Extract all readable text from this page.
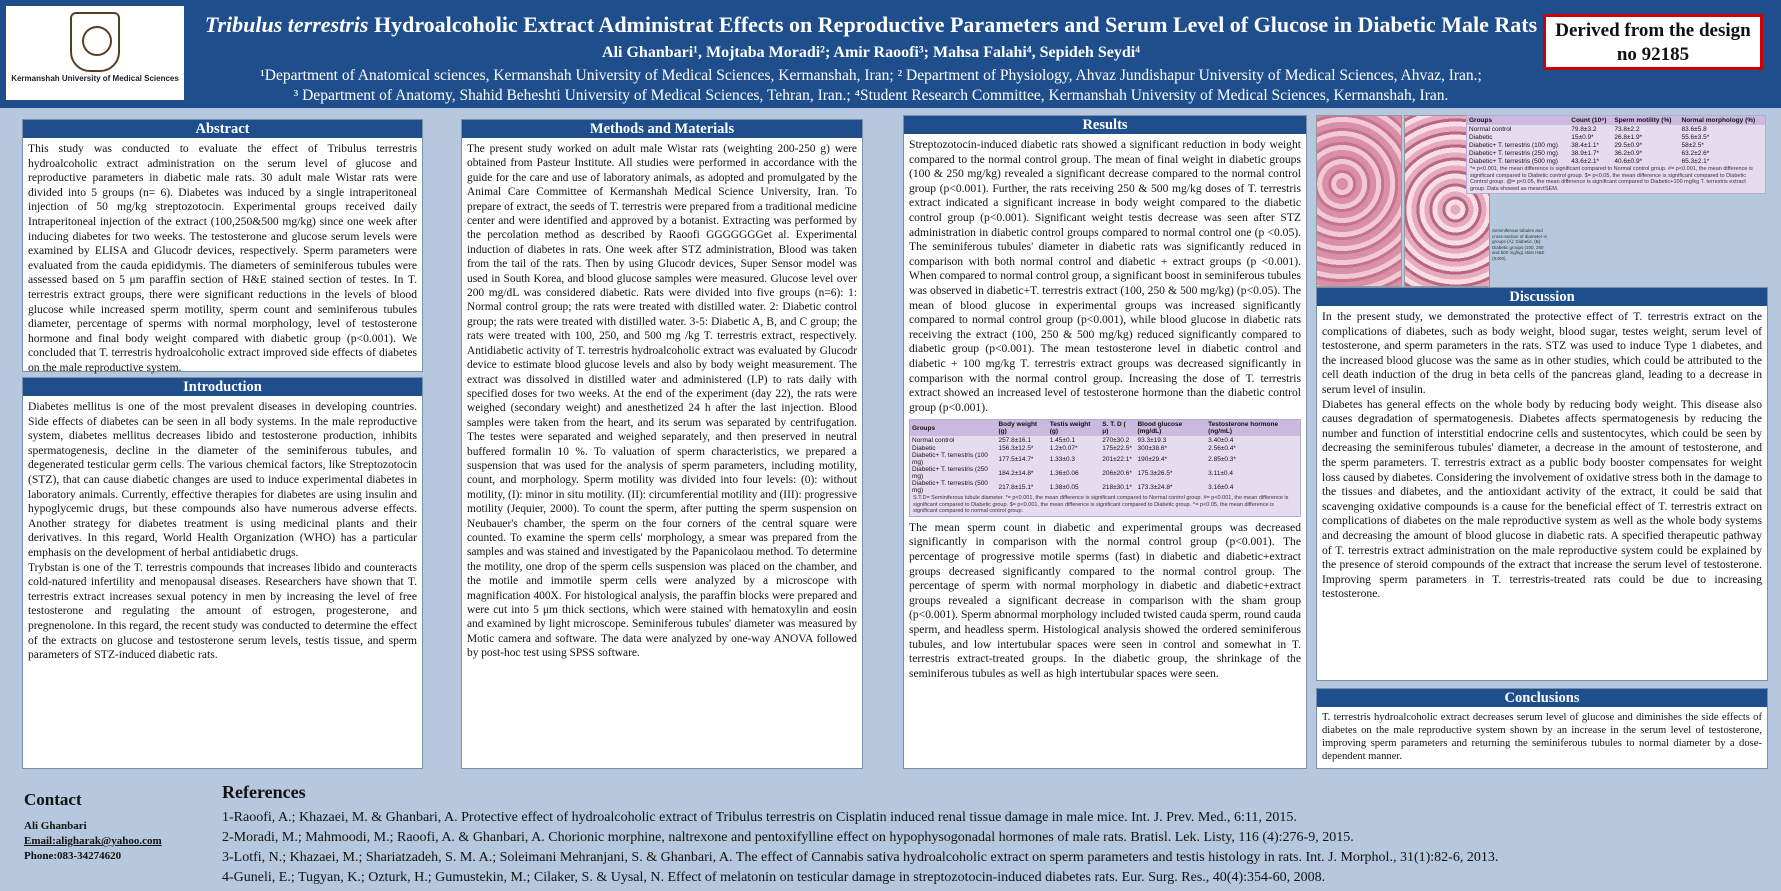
Kermanshah University of Medical Sciences
Tribulus terrestris Hydroalcoholic Extract Administrat Effects on Reproductive Parameters and Serum Level of Glucose in Diabetic Male Rats
Ali Ghanbari¹, Mojtaba Moradi²; Amir Raoofi³; Mahsa Falahi⁴, Sepideh Seydi⁴
¹Department of Anatomical sciences, Kermanshah University of Medical Sciences, Kermanshah, Iran; ² Department of Physiology, Ahvaz Jundishapur University of Medical Sciences, Ahvaz, Iran.;
³ Department of Anatomy, Shahid Beheshti University of Medical Sciences, Tehran, Iran.; ⁴Student Research Committee, Kermanshah University of Medical Sciences, Kermanshah, Iran.
Derived from the design no 92185
Abstract
This study was conducted to evaluate the effect of Tribulus terrestris hydroalcoholic extract administration on the serum level of glucose and reproductive parameters in diabetic male rats. 30 adult male Wistar rats were divided into 5 groups (n= 6). Diabetes was induced by a single intraperitoneal injection of 50 mg/kg streptozotocin. Experimental groups received daily Intraperitoneal injection of the extract (100,250&500 mg/kg) since one week after inducing diabetes for two weeks. The testosterone and glucose serum levels were examined by ELISA and Glucodr devices, respectively. Sperm parameters were evaluated from the cauda epididymis. The diameters of seminiferous tubules were assessed based on 5 μm paraffin section of H&E stained section of testes. In T. terrestris extract groups, there were significant reductions in the levels of blood glucose while increased sperm motility, sperm count and seminiferous tubules diameter, percentage of sperms with normal morphology, level of testosterone hormone and final body weight compared with diabetic group (p<0.001). We concluded that T. terrestris hydroalcoholic extract improved side effects of diabetes on the male reproductive system.
Introduction
Diabetes mellitus is one of the most prevalent diseases in developing countries. Side effects of diabetes can be seen in all body systems. In the male reproductive system, diabetes mellitus decreases libido and testosterone production, inhibits spermatogenesis, decline in the diameter of the seminiferous tubules, and degenerated testicular germ cells. The various chemical factors, like Streptozotocin (STZ), that can cause diabetic changes are used to induce experimental diabetes in laboratory animals. Currently, effective therapies for diabetes are using insulin and hypoglycemic drugs, but these compounds also have numerous adverse effects. Another strategy for diabetes treatment is using medicinal plants and their derivatives. In this regard, World Health Organization (WHO) has a particular emphasis on the development of herbal antidiabetic drugs.
Trybstan is one of the T. terrestris compounds that increases libido and counteracts cold-natured infertility and menopausal diseases. Researchers have shown that T. terrestris extract increases sexual potency in men by increasing the level of free testosterone and regulating the amount of estrogen, progesterone, and pregnenolone. In this regard, the recent study was conducted to determine the effect of the extracts on glucose and testosterone serum levels, testis tissue, and sperm parameters of STZ-induced diabetic rats.
Methods and Materials
The present study worked on adult male Wistar rats (weighting 200-250 g) were obtained from Pasteur Institute. All studies were performed in accordance with the guide for the care and use of laboratory animals, as adopted and promulgated by the Animal Care Committee of Kermanshah Medical Science University, Iran. To prepare of extract, the seeds of T. terrestris were prepared from a traditional medicine center and were identified and approved by a botanist. Extracting was performed by the percolation method as described by Raoofi GGGGGGGet al. Experimental induction of diabetes in rats. One week after STZ administration, Blood was taken from the tail of the rats. Then by using Glucodr devices, Super Sensor model was used in South Korea, and blood glucose samples were measured. Glucose level over 200 mg/dL was considered diabetic. Rats were divided into five groups (n=6): 1: Normal control group; the rats were treated with distilled water. 2: Diabetic control group; the rats were treated with distilled water. 3-5: Diabetic A, B, and C group; the rats were treated with 100, 250, and 500 mg /kg T. terrestris extract, respectively. Antidiabetic activity of T. terrestris hydroalcoholic extract was evaluated by Glucodr device to estimate blood glucose levels and also by body weight measurement. The extract was dissolved in distilled water and administered (I.P) to rats daily with specified doses for two weeks. At the end of the experiment (day 22), the rats were weighed (secondary weight) and anesthetized 24 h after the last injection. Blood samples were taken from the heart, and its serum was separated by centrifugation. The testes were separated and weighed separately, and then preserved in neutral buffered formalin 10 %. To valuation of sperm characteristics, we prepared a suspension that was used for the analysis of sperm parameters, including motility, count, and morphology. Sperm motility was divided into four levels: (0): without motility, (I): minor in situ motility. (II): circumferential motility and (III): progressive motility (Jequier, 2000). To count the sperm, after putting the sperm suspension on Neubauer's chamber, the sperm on the four corners of the central square were counted. To examine the sperm cells' morphology, a smear was prepared from the samples and was stained and investigated by the Papanicolaou method. To determine the motility, one drop of the sperm cells suspension was placed on the chamber, and the motile and immotile sperm cells were analyzed by a microscope with magnification 400X. For histological analysis, the paraffin blocks were prepared and were cut into 5 μm thick sections, which were stained with hematoxylin and eosin and examined by light microscope. Seminiferous tubules' diameter was measured by Motic camera and software. The data were analyzed by one-way ANOVA followed by post-hoc test using SPSS software.
Results
Streptozotocin-induced diabetic rats showed a significant reduction in body weight compared to the normal control group. The mean of final weight in diabetic groups (100 & 250 mg/kg) revealed a significant decrease compared to the normal control group (p<0.001). Further, the rats receiving 250 & 500 mg/kg doses of T. terrestris extract indicated a significant increase in body weight compared to the diabetic control group (p<0.001). Significant weight testis decrease was seen after STZ administration in diabetic control groups compared to normal control one (p <0.05). The seminiferous tubules' diameter in diabetic rats was significantly reduced in comparison with both normal control and diabetic + extract groups (p <0.001). When compared to normal control group, a significant boost in seminiferous tubules was observed in diabetic+T. terrestris extract (100, 250 & 500 mg/kg) (p<0.05). The mean of blood glucose in experimental groups was increased significantly compared to normal control group (p<0.001), while blood glucose in diabetic rats receiving the extract (100, 250 & 500 mg/kg) reduced significantly compared to diabetic group (p<0.001). The mean testosterone level in diabetic control and diabetic + 100 mg/kg T. terrestris extract groups was decreased significantly in comparison with the normal control group. Increasing the dose of T. terrestris extract showed an increased level of testosterone hormone than the diabetic control group (p<0.001).
Groups	Body weight (g)	Testis weight (g)	S. T. D ( μ)	Blood glucose (mg/dL)	Testosterone hormone (ng/mL)
Normal control	257.8±16.1	1.45±0.1	270±30.2	93.3±19.3	3.40±0.4
Diabetic	156.3±12.5*	1.2±0.07*	175±22.5*	300±38.6*	2.56±0.4*
Diabetic+ T. terrestris (100 mg)	177.5±14.7*	1.33±0.3	201±22.1*	190±29.4*	2.85±0.3*
Diabetic+ T. terrestris (250 mg)	184.2±14.8*	1.36±0.06	206±20.6*	175.3±26.5*	3.11±0.4
Diabetic+ T. terrestris (500 mg)	217.8±15.1*	1.38±0.05	218±30.1*	173.3±24.8*	3.16±0.4
S.T.D= Seminiferous tubule diameter. *= p<0.001, the mean difference is significant compared to Normal control group. #= p<0.001, the mean difference is significant compared to Diabetic group. $= p<0.001, the mean difference is significant compared to Diabetic group. ^= p<0.05, the mean difference is significant compared to normal control group.
The mean sperm count in diabetic and experimental groups was decreased significantly in comparison with the normal control group (p<0.001). The percentage of progressive motile sperms (fast) in diabetic and diabetic+extract groups decreased significantly compared to the normal control group. The percentage of sperm with normal morphology in diabetic and diabetic+extract groups revealed a significant decrease in comparison with the sham group (p<0.001). Sperm abnormal morphology included twisted cauda sperm, round cauda sperm, and headless sperm. Histological analysis showed the ordered seminiferous tubules, and low intertubular spaces were seen in control and somewhat in T. terrestris extract-treated groups. In the diabetic group, the shrinkage of the seminiferous tubules as well as high intertubular spaces were seen.
Seminiferous tubules and cross-section of diameter in groups (A): Diabetic, (B): Diabetic groups (100, 250 and 500 mg/kg) stain H&E (X400).
Groups	Count (10⁶)	Sperm motility (%)	Normal morphology (%)
Normal control	79.8±3.2	73.8±2.2	83.6±5.8
Diabetic	15±0.9*	26.8±1.9*	55.6±3.5*
Diabetic+ T. terrestris (100 mg)	38.4±1.1*	29.5±0.9*	58±2.5*
Diabetic+ T. terrestris (250 mg)	38.9±1.7*	36.2±0.9*	63.2±2.6*
Diabetic+ T. terrestris (500 mg)	43.6±2.1*	40.6±0.9*	65.3±2.1*
*= p<0.001, the mean difference is significant compared to Normal control group. #= p<0.001, the mean difference is significant compared to Diabetic control group. $= p<0.05, the mean difference is significant compared to Diabetic Control group. @= p<0.05, the mean difference is significant compared to Diabetic+100 mg/kg T. terrestris extract group. Data showed as mean±SEM.
Discussion
In the present study, we demonstrated the protective effect of T. terrestris extract on the complications of diabetes, such as body weight, blood sugar, testes weight, serum level of testosterone, and sperm parameters in the rats. STZ was used to induce Type 1 diabetes, and the increased blood glucose was the same as in other studies, which could be attributed to the cell death induction of the drug in beta cells of the pancreas gland, leading to a decrease in serum level of insulin.
Diabetes has general effects on the whole body by reducing body weight. This disease also causes degradation of spermatogenesis. Diabetes affects spermatogenesis by reducing the number and function of interstitial endocrine cells and sustentocytes, which could be seen by decreasing the seminiferous tubules' diameter, a decrease in the amount of testosterone, and the sperm parameters. T. terrestris extract as a public body booster compensates for weight loss caused by diabetes. Considering the involvement of oxidative stress both in the damage to the tissues and diabetes, and the antioxidant activity of the extract, it could be said that scavenging oxidative compounds is a cause for the beneficial effect of T. terrestris extract on complications of diabetes on the male reproductive system as well as the whole body systems and decreasing the amount of blood glucose in diabetic rats. A specified therapeutic pathway of T. terrestris extract administration on the male reproductive system could be explained by the presence of steroid compounds of the extract that increase the serum level of testosterone. Improving sperm parameters in T. terrestris-treated rats could be due to increasing testosterone.
Conclusions
T. terrestris hydroalcoholic extract decreases serum level of glucose and diminishes the side effects of diabetes on the male reproductive system shown by an increase in the serum level of testosterone, improving sperm parameters and returning the seminiferous tubules to normal diameter by a dose-dependent manner.
Contact
Ali Ghanbari
Email:aligharak@yahoo.com
Phone:083-34274620
References
1-Raoofi, A.; Khazaei, M. & Ghanbari, A. Protective effect of hydroalcoholic extract of Tribulus terrestris on Cisplatin induced renal tissue damage in male mice. Int. J. Prev. Med., 6:11, 2015.
2-Moradi, M.; Mahmoodi, M.; Raoofi, A. & Ghanbari, A. Chorionic morphine, naltrexone and pentoxifylline effect on hypophysogonadal hormones of male rats. Bratisl. Lek. Listy, 116 (4):276-9, 2015.
3-Lotfi, N.; Khazaei, M.; Shariatzadeh, S. M. A.; Soleimani Mehranjani, S. & Ghanbari, A. The effect of Cannabis sativa hydroalcoholic extract on sperm parameters and testis histology in rats. Int. J. Morphol., 31(1):82-6, 2013.
4-Guneli, E.; Tugyan, K.; Ozturk, H.; Gumustekin, M.; Cilaker, S. & Uysal, N. Effect of melatonin on testicular damage in streptozotocin-induced diabetes rats. Eur. Surg. Res., 40(4):354-60, 2008.
